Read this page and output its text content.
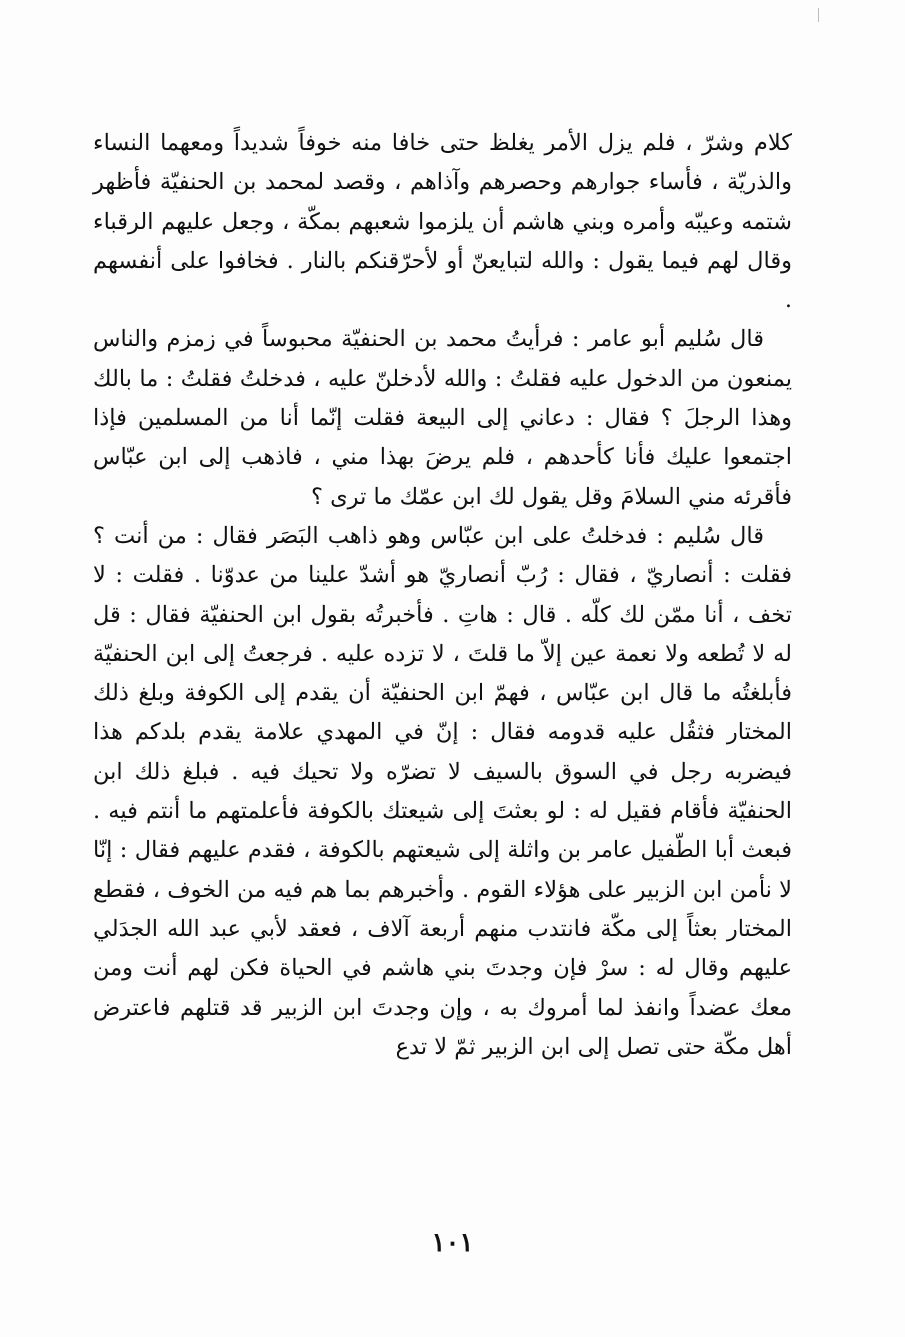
كلام وشرّ ، فلم يزل الأمر يغلظ حتى خافا منه خوفاً شديداً ومعهما النساء والذريّة ، فأساء جوارهم وحصرهم وآذاهم ، وقصد لمحمد بن الحنفيّة فأظهر شتمه وعيبّه وأمره وبني هاشم أن يلزموا شعبهم بمكّة ، وجعل عليهم الرقباء وقال لهم فيما يقول : والله لتبايعنّ أو لأحرّقنكم بالنار . فخافوا على أنفسهم .

قال سُليم أبو عامر : فرأيتُ محمد بن الحنفيّة محبوساً في زمزم والناس يمنعون من الدخول عليه فقلتُ : والله لأدخلنّ عليه ، فدخلتُ فقلتُ : ما بالك وهذا الرجلَ ؟ فقال : دعاني إلى البيعة فقلت إنّما أنا من المسلمين فإذا اجتمعوا عليك فأنا كأحدهم ، فلم يرضَ بهذا مني ، فاذهب إلى ابن عبّاس فأقرئه مني السلامَ وقل يقول لك ابن عمّك ما ترى ؟

قال سُليم : فدخلتُ على ابن عبّاس وهو ذاهب البَصَر فقال : من أنت ؟ فقلت : أنصاريّ ، فقال : رُبّ أنصاريّ هو أشدّ علينا من عدوّنا . فقلت : لا تخف ، أنا ممّن لك كلّه . قال : هاتِ . فأخبرتُه بقول ابن الحنفيّة فقال : قل له لا تُطعه ولا نعمة عين إلاّ ما قلتَ ، لا تزده عليه . فرجعتُ إلى ابن الحنفيّة فأبلغتُه ما قال ابن عبّاس ، فهمّ ابن الحنفيّة أن يقدم إلى الكوفة وبلغ ذلك المختار فثقُل عليه قدومه فقال : إنّ في المهدي علامة يقدم بلدكم هذا فيضربه رجل في السوق بالسيف لا تضرّه ولا تحيك فيه . فبلغ ذلك ابن الحنفيّة فأقام فقيل له : لو بعثتَ إلى شيعتك بالكوفة فأعلمتهم ما أنتم فيه . فبعث أبا الطّفيل عامر بن واثلة إلى شيعتهم بالكوفة ، فقدم عليهم فقال : إنّا لا نأمن ابن الزبير على هؤلاء القوم . وأخبرهم بما هم فيه من الخوف ، فقطع المختار بعثاً إلى مكّة فانتدب منهم أربعة آلاف ، فعقد لأبي عبد الله الجدَلي عليهم وقال له : سرْ فإن وجدتَ بني هاشم في الحياة فكن لهم أنت ومن معك عضداً وانفذ لما أمروك به ، وإن وجدتَ ابن الزبير قد قتلهم فاعترض أهل مكّة حتى تصل إلى ابن الزبير ثمّ لا تدع

١٠١
